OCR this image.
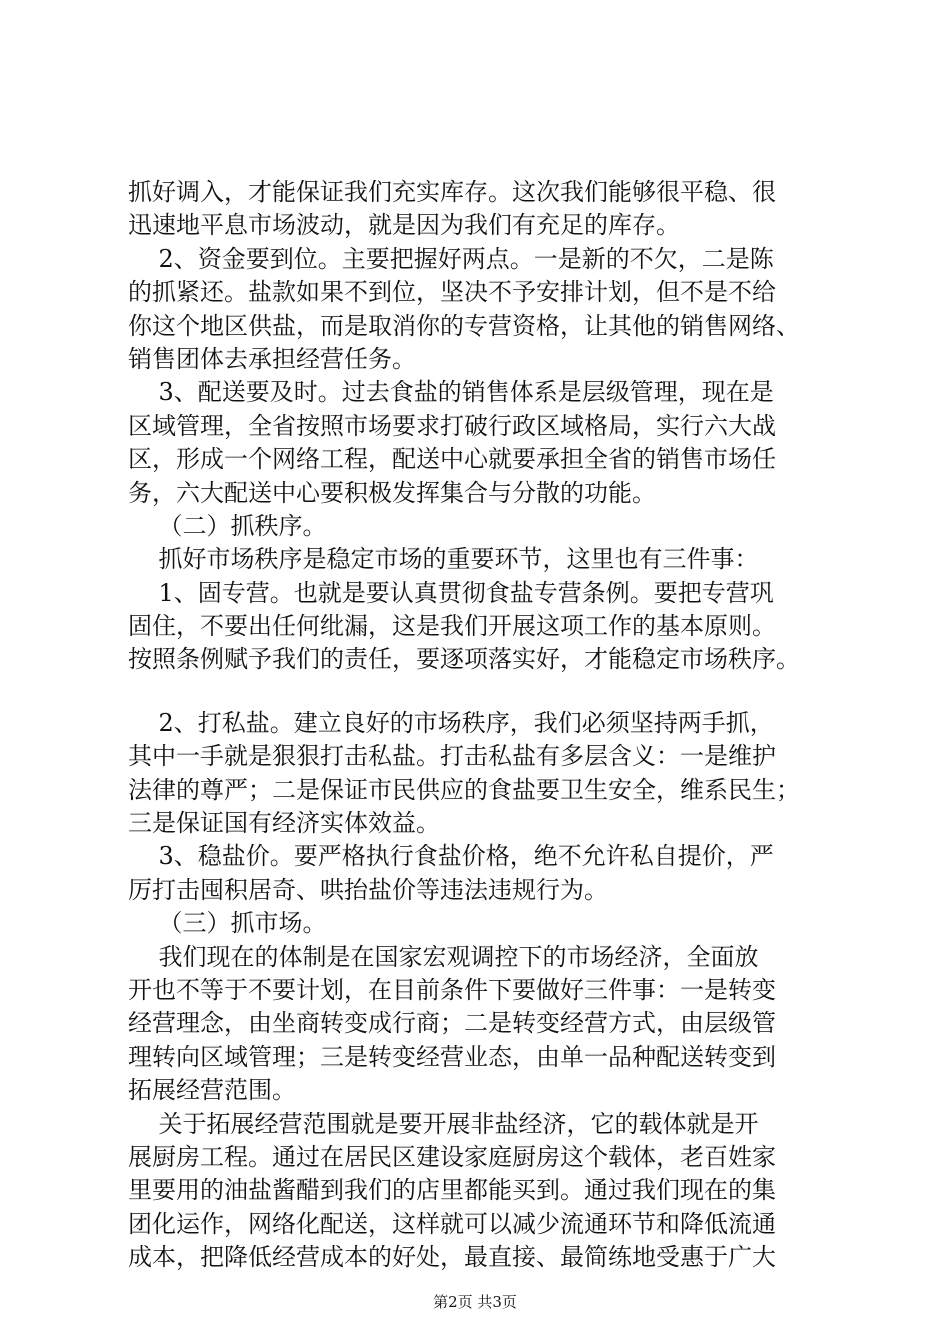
抓好调入，才能保证我们充实库存。这次我们能够很平稳、很
迅速地平息市场波动，就是因为我们有充足的库存。
2、资金要到位。主要把握好两点。一是新的不欠，二是陈
的抓紧还。盐款如果不到位，坚决不予安排计划，但不是不给
你这个地区供盐，而是取消你的专营资格，让其他的销售网络、
销售团体去承担经营任务。
3、配送要及时。过去食盐的销售体系是层级管理，现在是
区域管理，全省按照市场要求打破行政区域格局，实行六大战
区，形成一个网络工程，配送中心就要承担全省的销售市场任
务，六大配送中心要积极发挥集合与分散的功能。
（二）抓秩序。
抓好市场秩序是稳定市场的重要环节，这里也有三件事：
1、固专营。也就是要认真贯彻食盐专营条例。要把专营巩
固住，不要出任何纰漏，这是我们开展这项工作的基本原则。
按照条例赋予我们的责任，要逐项落实好，才能稳定市场秩序。
2、打私盐。建立良好的市场秩序，我们必须坚持两手抓，
其中一手就是狠狠打击私盐。打击私盐有多层含义：一是维护
法律的尊严；二是保证市民供应的食盐要卫生安全，维系民生；
三是保证国有经济实体效益。
3、稳盐价。要严格执行食盐价格，绝不允许私自提价，严
厉打击囤积居奇、哄抬盐价等违法违规行为。
（三）抓市场。
我们现在的体制是在国家宏观调控下的市场经济，全面放
开也不等于不要计划，在目前条件下要做好三件事：一是转变
经营理念，由坐商转变成行商；二是转变经营方式，由层级管
理转向区域管理；三是转变经营业态，由单一品种配送转变到
拓展经营范围。
关于拓展经营范围就是要开展非盐经济，它的载体就是开
展厨房工程。通过在居民区建设家庭厨房这个载体，老百姓家
里要用的油盐酱醋到我们的店里都能买到。通过我们现在的集
团化运作，网络化配送，这样就可以减少流通环节和降低流通
成本，把降低经营成本的好处，最直接、最简练地受惠于广大
第2页 共3页
